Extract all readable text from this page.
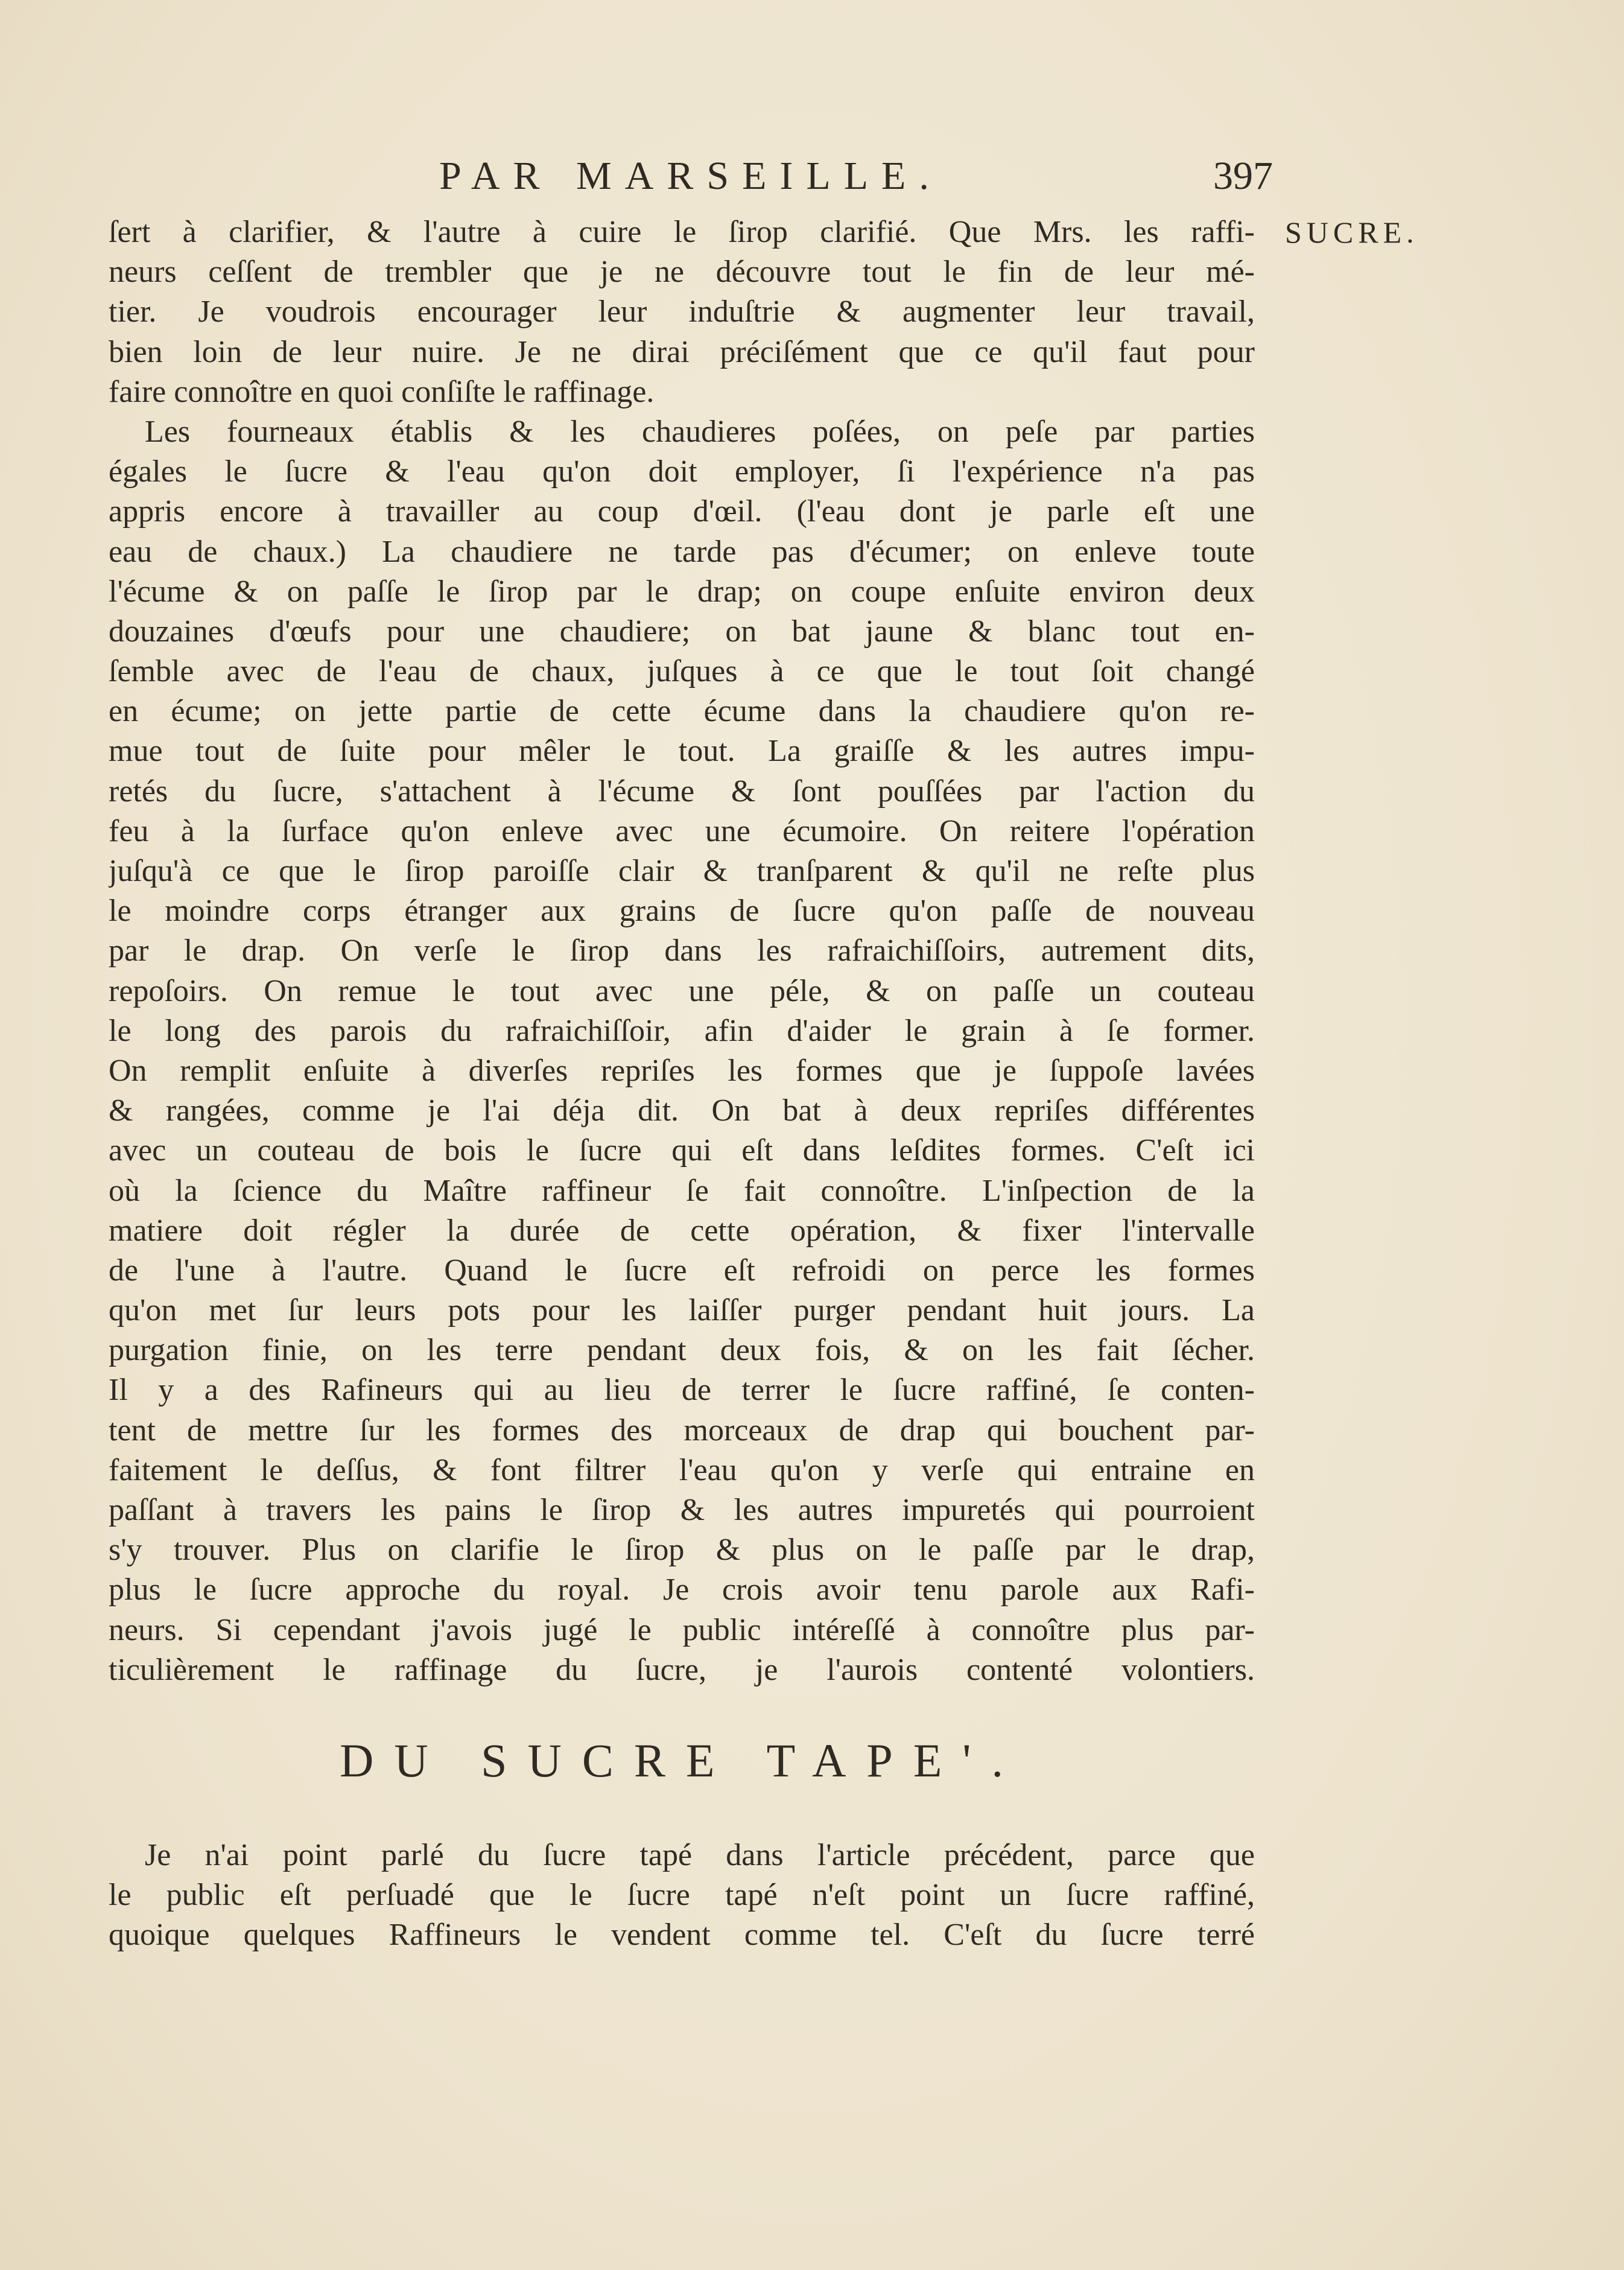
PAR MARSEILLE.	397
SUCRE.
ſert à clarifier, & l'autre à cuire le ſirop clarifié. Que Mrs. les raffi-
neurs ceſſent de trembler que je ne découvre tout le fin de leur mé-
tier. Je voudrois encourager leur induſtrie & augmenter leur travail,
bien loin de leur nuire. Je ne dirai préciſément que ce qu'il faut pour
faire connoître en quoi conſiſte le raffinage.
Les fourneaux établis & les chaudieres poſées, on peſe par parties
égales le ſucre & l'eau qu'on doit employer, ſi l'expérience n'a pas
appris encore à travailler au coup d'œil. (l'eau dont je parle eſt une
eau de chaux.) La chaudiere ne tarde pas d'écumer; on enleve toute
l'écume & on paſſe le ſirop par le drap; on coupe enſuite environ deux
douzaines d'œufs pour une chaudiere; on bat jaune & blanc tout en-
ſemble avec de l'eau de chaux, juſques à ce que le tout ſoit changé
en écume; on jette partie de cette écume dans la chaudiere qu'on re-
mue tout de ſuite pour mêler le tout. La graiſſe & les autres impu-
retés du ſucre, s'attachent à l'écume & ſont pouſſées par l'action du
feu à la ſurface qu'on enleve avec une écumoire. On reitere l'opération
juſqu'à ce que le ſirop paroiſſe clair & tranſparent & qu'il ne reſte plus
le moindre corps étranger aux grains de ſucre qu'on paſſe de nouveau
par le drap. On verſe le ſirop dans les rafraichiſſoirs, autrement dits,
repoſoirs. On remue le tout avec une péle, & on paſſe un couteau
le long des parois du rafraichiſſoir, afin d'aider le grain à ſe former.
On remplit enſuite à diverſes repriſes les formes que je ſuppoſe lavées
& rangées, comme je l'ai déja dit. On bat à deux repriſes différentes
avec un couteau de bois le ſucre qui eſt dans leſdites formes. C'eſt ici
où la ſcience du Maître raffineur ſe fait connoître. L'inſpection de la
matiere doit régler la durée de cette opération, & fixer l'intervalle
de l'une à l'autre. Quand le ſucre eſt refroidi on perce les formes
qu'on met ſur leurs pots pour les laiſſer purger pendant huit jours. La
purgation finie, on les terre pendant deux fois, & on les fait ſécher.
Il y a des Rafineurs qui au lieu de terrer le ſucre raffiné, ſe conten-
tent de mettre ſur les formes des morceaux de drap qui bouchent par-
faitement le deſſus, & font filtrer l'eau qu'on y verſe qui entraine en
paſſant à travers les pains le ſirop & les autres impuretés qui pourroient
s'y trouver. Plus on clarifie le ſirop & plus on le paſſe par le drap,
plus le ſucre approche du royal. Je crois avoir tenu parole aux Rafi-
neurs. Si cependant j'avois jugé le public intéreſſé à connoître plus par-
ticulièrement le raffinage du ſucre, je l'aurois contenté volontiers.
DU SUCRE TAPE'.
Je n'ai point parlé du ſucre tapé dans l'article précédent, parce que
le public eſt perſuadé que le ſucre tapé n'eſt point un ſucre raffiné,
quoique quelques Raffineurs le vendent comme tel. C'eſt du ſucre terré
